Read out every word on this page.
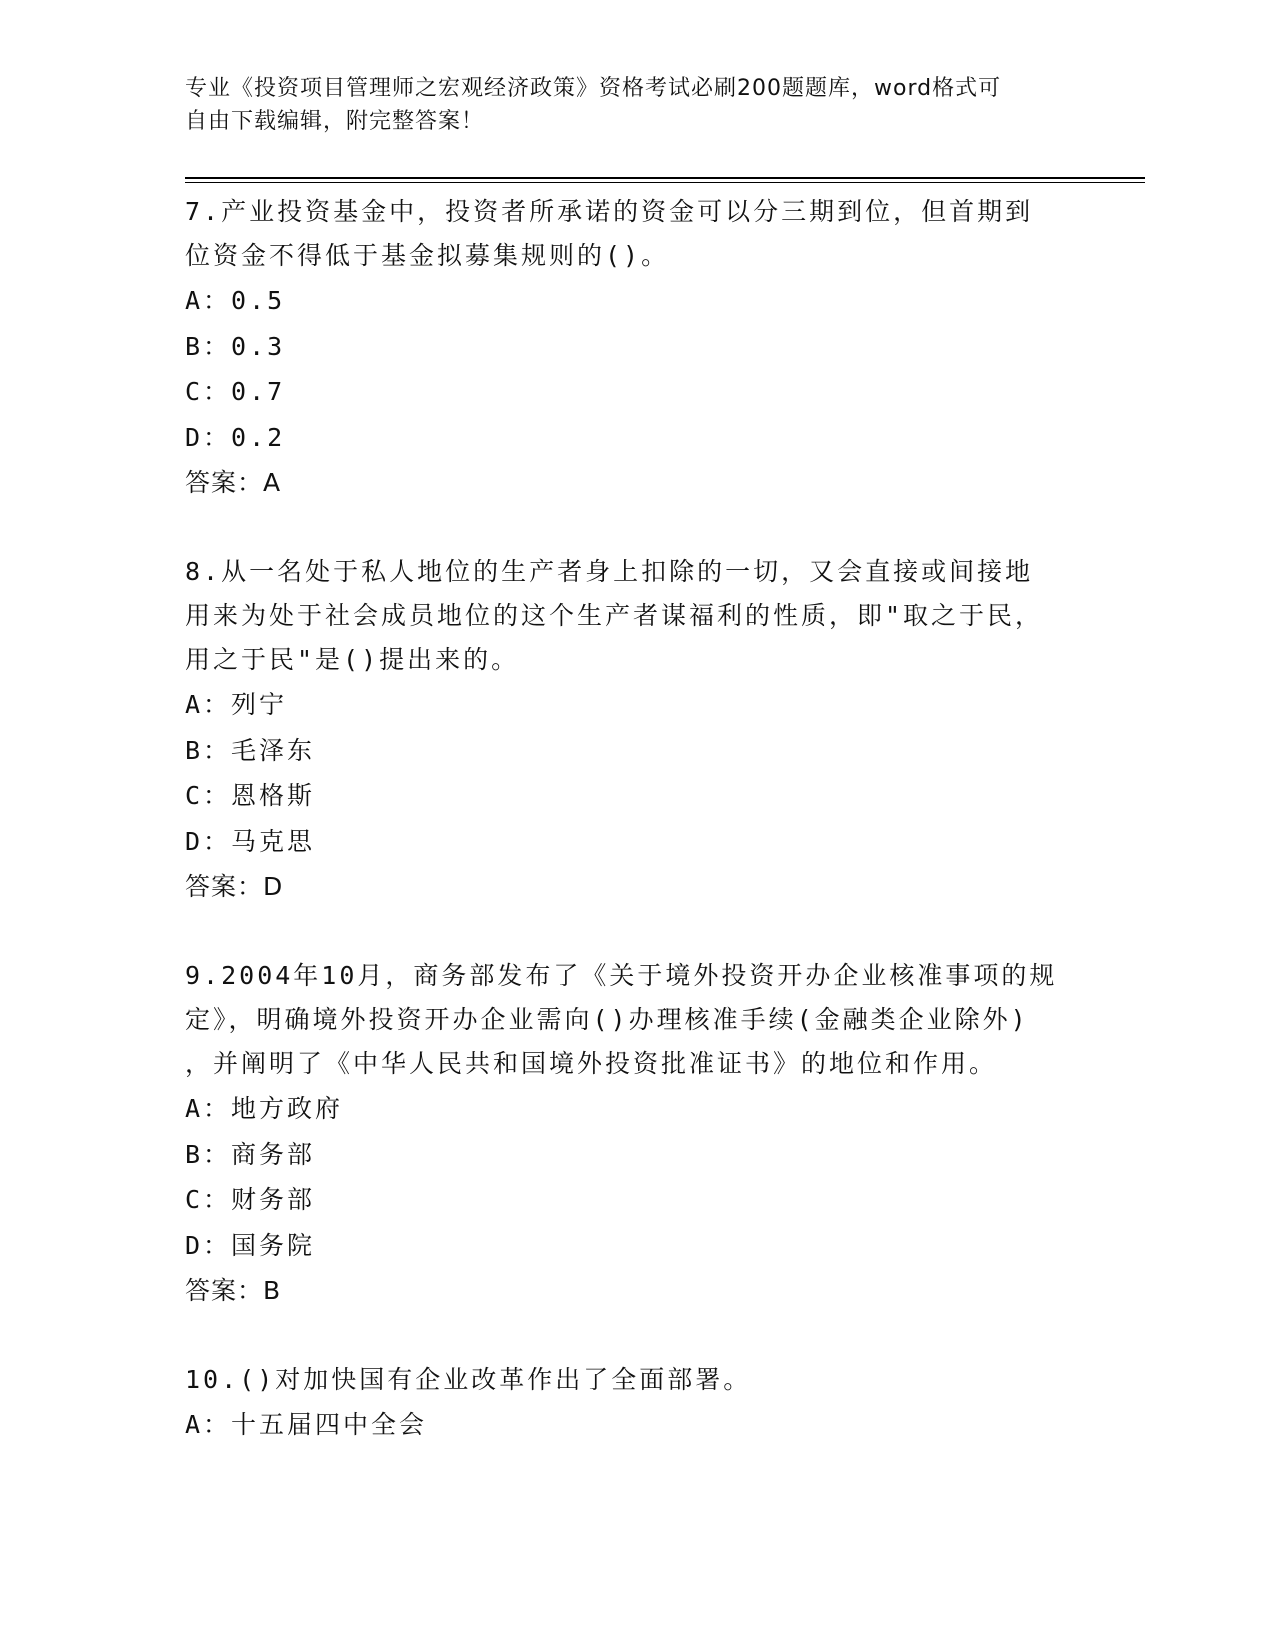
专业《投资项目管理师之宏观经济政策》资格考试必刷200题题库，word格式可
自由下载编辑，附完整答案！

7.产业投资基金中，投资者所承诺的资金可以分三期到位，但首期到

位资金不得低于基金拟募集规则的()。

A：0.5

B：0.3

C：0.7

D：0.2

答案：A

8.从一名处于私人地位的生产者身上扣除的一切，又会直接或间接地

用来为处于社会成员地位的这个生产者谋福利的性质，即"取之于民，

用之于民"是()提出来的。

A：列宁

B：毛泽东

C：恩格斯

D：马克思

答案：D

9.2004年10月，商务部发布了《关于境外投资开办企业核准事项的规

定》，明确境外投资开办企业需向()办理核准手续(金融类企业除外)

，并阐明了《中华人民共和国境外投资批准证书》的地位和作用。

A：地方政府

B：商务部

C：财务部

D：国务院

答案：B

10.()对加快国有企业改革作出了全面部署。

A：十五届四中全会
